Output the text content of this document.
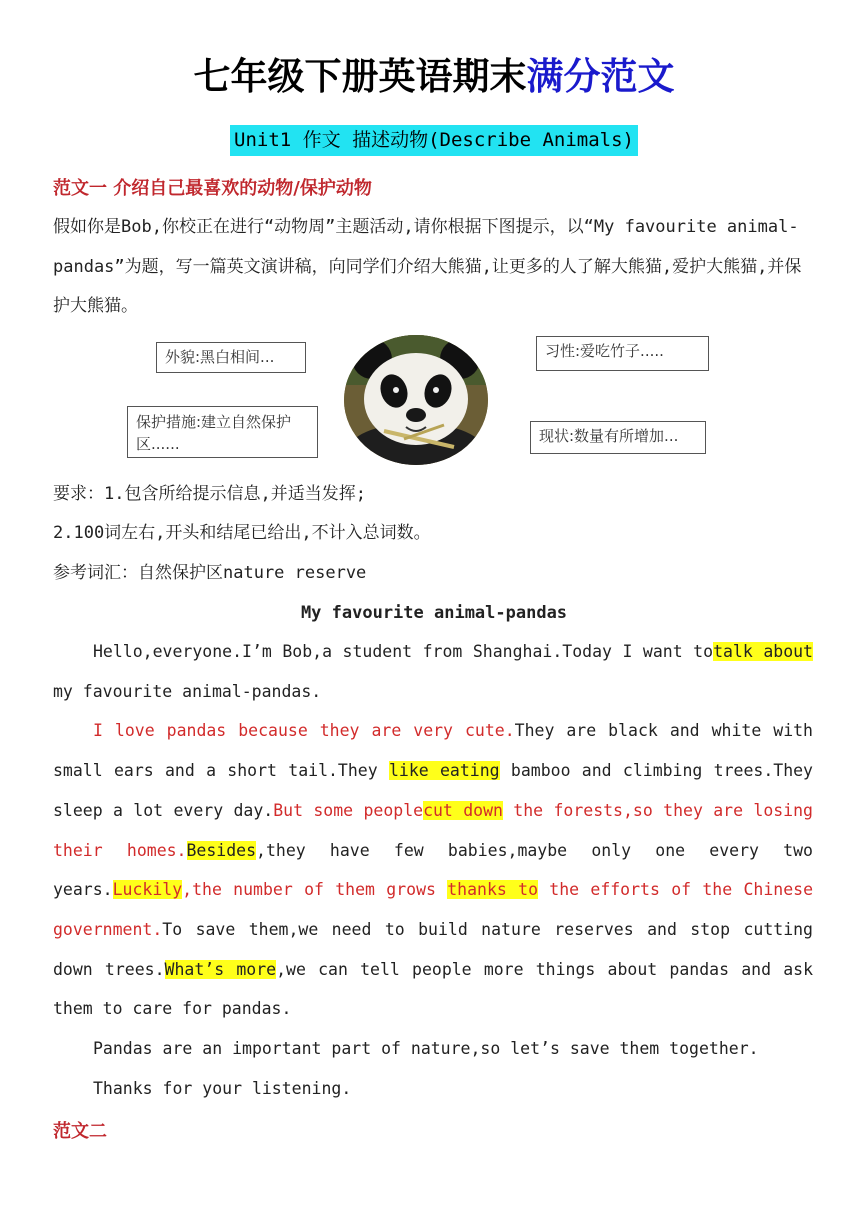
七年级下册英语期末满分范文
Unit1 作文 描述动物(Describe Animals)
范文一 介绍自己最喜欢的动物/保护动物
假如你是Bob,你校正在进行“动物周”主题活动,请你根据下图提示，以“My favourite animal-pandas”为题，写一篇英文演讲稿，向同学们介绍大熊猫,让更多的人了解大熊猫,爱护大熊猫,并保护大熊猫。
外貌:黑白相间...	习性:爱吃竹子.....
保护措施:建立自然保护区......	现状:数量有所增加...
要求：1.包含所给提示信息,并适当发挥;
2.100词左右,开头和结尾已给出,不计入总词数。
参考词汇：自然保护区nature reserve
My favourite animal-pandas

Hello,everyone.I’m Bob,a student from Shanghai.Today I want totalk about my favourite animal-pandas.

I love pandas because they are very cute.They are black and white with small ears and a short tail.They like eating bamboo and climbing trees.They sleep a lot every day.But some peoplecut down the forests,so they are losing their homes.Besides,they have few babies,maybe only one every two years.Luckily,the number of them grows thanks to the efforts of the Chinese government.To save them,we need to build nature reserves and stop cutting down trees.What’s more,we can tell people more things about pandas and ask them to care for pandas.

Pandas are an important part of nature,so let’s save them together.

Thanks for your listening.

范文二
